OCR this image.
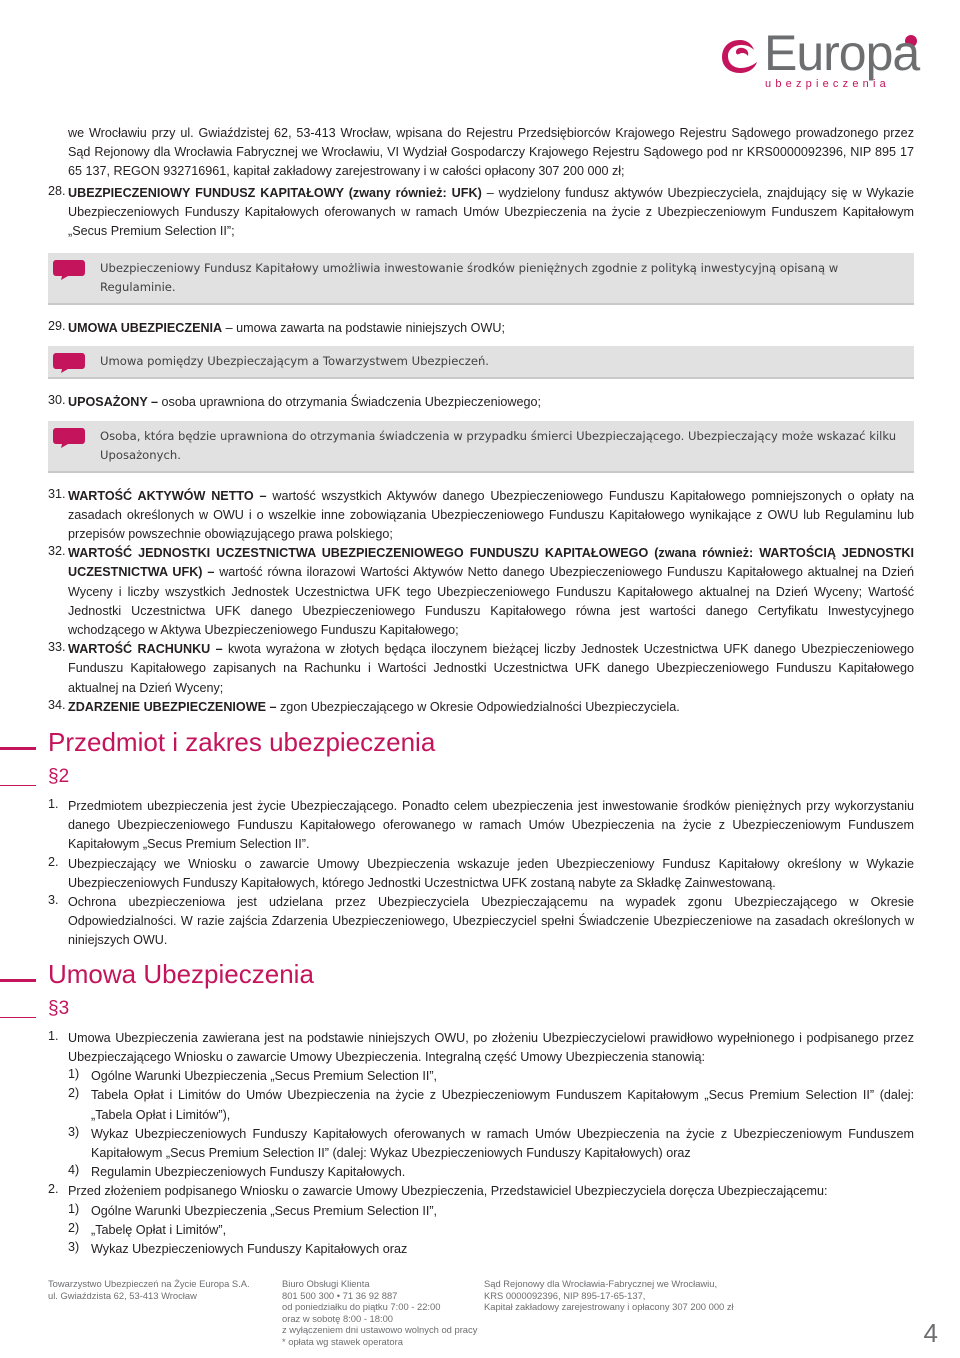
Europa
ubezpieczenia

we Wrocławiu przy ul. Gwiaździstej 62, 53-413 Wrocław, wpisana do Rejestru Przedsiębiorców Krajowego Rejestru Sądowego prowadzonego przez Sąd Rejonowy dla Wrocławia Fabrycznej we Wrocławiu, VI Wydział Gospodarczy Krajowego Rejestru Sądowego pod nr KRS0000092396, NIP 895 17 65 137, REGON 932716961, kapitał zakładowy zarejestrowany i w całości opłacony 307 200 000 zł;

28. UBEZPIECZENIOWY FUNDUSZ KAPITAŁOWY (zwany również: UFK) – wydzielony fundusz aktywów Ubezpieczyciela, znajdujący się w Wykazie Ubezpieczeniowych Funduszy Kapitałowych oferowanych w ramach Umów Ubezpieczenia na życie z Ubezpieczeniowym Funduszem Kapitałowym „Secus Premium Selection II”;

Ubezpieczeniowy Fundusz Kapitałowy umożliwia inwestowanie środków pieniężnych zgodnie z polityką inwestycyjną opisaną w Regulaminie.
29. UMOWA UBEZPIECZENIA – umowa zawarta na podstawie niniejszych OWU;

Umowa pomiędzy Ubezpieczającym a Towarzystwem Ubezpieczeń.
30. UPOSAŻONY – osoba uprawniona do otrzymania Świadczenia Ubezpieczeniowego;

Osoba, która będzie uprawniona do otrzymania świadczenia w przypadku śmierci Ubezpieczającego. Ubezpieczający może wskazać kilku Uposażonych.
31. WARTOŚĆ AKTYWÓW NETTO – wartość wszystkich Aktywów danego Ubezpieczeniowego Funduszu Kapitałowego pomniejszonych o opłaty na zasadach określonych w OWU i o wszelkie inne zobowiązania Ubezpieczeniowego Funduszu Kapitałowego wynikające z OWU lub Regulaminu lub przepisów powszechnie obowiązującego prawa polskiego;

32. WARTOŚĆ JEDNOSTKI UCZESTNICTWA UBEZPIECZENIOWEGO FUNDUSZU KAPITAŁOWEGO (zwana również: WARTOŚCIĄ JEDNOSTKI UCZESTNICTWA UFK) – wartość równa ilorazowi Wartości Aktywów Netto danego Ubezpieczeniowego Funduszu Kapitałowego aktualnej na Dzień Wyceny i liczby wszystkich Jednostek Uczestnictwa UFK tego Ubezpieczeniowego Funduszu Kapitałowego aktualnej na Dzień Wyceny; Wartość Jednostki Uczestnictwa UFK danego Ubezpieczeniowego Funduszu Kapitałowego równa jest wartości danego Certyfikatu Inwestycyjnego wchodzącego w Aktywa Ubezpieczeniowego Funduszu Kapitałowego;

33. WARTOŚĆ RACHUNKU – kwota wyrażona w złotych będąca iloczynem bieżącej liczby Jednostek Uczestnictwa UFK danego Ubezpieczeniowego Funduszu Kapitałowego zapisanych na Rachunku i Wartości Jednostki Uczestnictwa UFK danego Ubezpieczeniowego Funduszu Kapitałowego aktualnej na Dzień Wyceny;

34. ZDARZENIE UBEZPIECZENIOWE – zgon Ubezpieczającego w Okresie Odpowiedzialności Ubezpieczyciela.

Przedmiot i zakres ubezpieczenia
§2
1. Przedmiotem ubezpieczenia jest życie Ubezpieczającego. Ponadto celem ubezpieczenia jest inwestowanie środków pieniężnych przy wykorzystaniu danego Ubezpieczeniowego Funduszu Kapitałowego oferowanego w ramach Umów Ubezpieczenia na życie z Ubezpieczeniowym Funduszem Kapitałowym „Secus Premium Selection II”.

2. Ubezpieczający we Wniosku o zawarcie Umowy Ubezpieczenia wskazuje jeden Ubezpieczeniowy Fundusz Kapitałowy określony w Wykazie Ubezpieczeniowych Funduszy Kapitałowych, którego Jednostki Uczestnictwa UFK zostaną nabyte za Składkę Zainwestowaną.

3. Ochrona ubezpieczeniowa jest udzielana przez Ubezpieczyciela Ubezpieczającemu na wypadek zgonu Ubezpieczającego w Okresie Odpowiedzialności. W razie zajścia Zdarzenia Ubezpieczeniowego, Ubezpieczyciel spełni Świadczenie Ubezpieczeniowe na zasadach określonych w niniejszych OWU.

Umowa Ubezpieczenia
§3
1. Umowa Ubezpieczenia zawierana jest na podstawie niniejszych OWU, po złożeniu Ubezpieczycielowi prawidłowo wypełnionego i podpisanego przez Ubezpieczającego Wniosku o zawarcie Umowy Ubezpieczenia. Integralną część Umowy Ubezpieczenia stanowią:

1) Ogólne Warunki Ubezpieczenia „Secus Premium Selection II”,

2) Tabela Opłat i Limitów do Umów Ubezpieczenia na życie z Ubezpieczeniowym Funduszem Kapitałowym „Secus Premium Selection II” (dalej: „Tabela Opłat i Limitów”),

3) Wykaz Ubezpieczeniowych Funduszy Kapitałowych oferowanych w ramach Umów Ubezpieczenia na życie z Ubezpieczeniowym Funduszem Kapitałowym „Secus Premium Selection II” (dalej: Wykaz Ubezpieczeniowych Funduszy Kapitałowych) oraz

4) Regulamin Ubezpieczeniowych Funduszy Kapitałowych.

2. Przed złożeniem podpisanego Wniosku o zawarcie Umowy Ubezpieczenia, Przedstawiciel Ubezpieczyciela doręcza Ubezpieczającemu:

1) Ogólne Warunki Ubezpieczenia „Secus Premium Selection II”,

2) „Tabelę Opłat i Limitów”,

3) Wykaz Ubezpieczeniowych Funduszy Kapitałowych oraz

Towarzystwo Ubezpieczeń na Życie Europa S.A.
ul. Gwiaździsta 62, 53-413 Wrocław
Biuro Obsługi Klienta
801 500 300 • 71 36 92 887
od poniedziałku do piątku 7:00 - 22:00
oraz w sobotę 8:00 - 18:00
z wyłączeniem dni ustawowo wolnych od pracy
* opłata wg stawek operatora
Sąd Rejonowy dla Wrocławia-Fabrycznej we Wrocławiu,
KRS 0000092396, NIP 895-17-65-137,
Kapitał zakładowy zarejestrowany i opłacony 307 200 000 zł
4
